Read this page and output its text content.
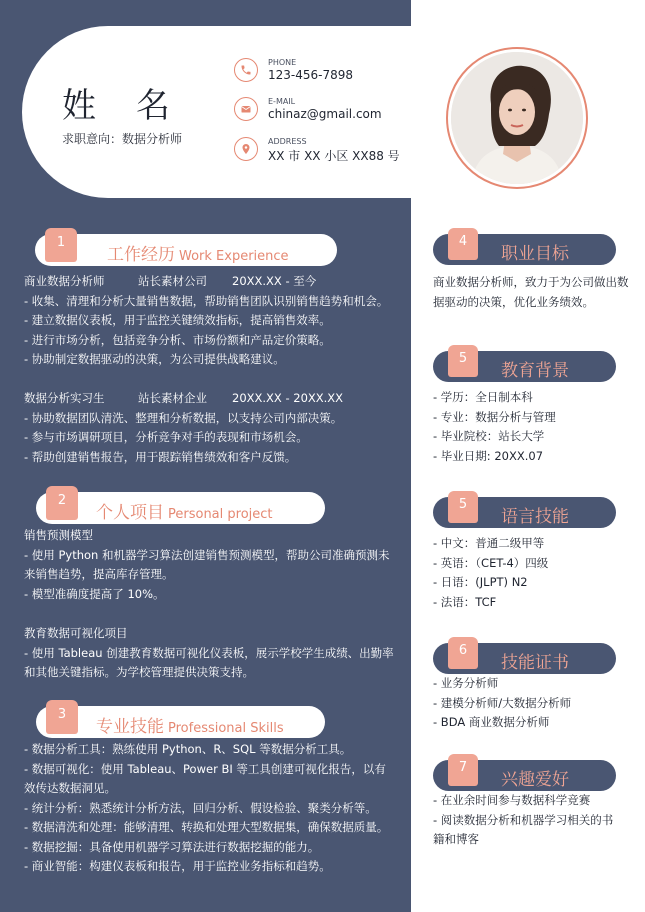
姓名
求职意向：数据分析师
PHONE
123-456-7898
E-MAIL
chinaz@gmail.com
ADDRESS
XX 市 XX 小区 XX88 号
1
工作经历 Work Experience
商业数据分析师	站长素材公司	20XX.XX - 至今
- 收集、清理和分析大量销售数据，帮助销售团队识别销售趋势和机会。
- 建立数据仪表板，用于监控关键绩效指标，提高销售效率。
- 进行市场分析，包括竞争分析、市场份额和产品定价策略。
- 协助制定数据驱动的决策，为公司提供战略建议。
数据分析实习生	站长素材企业	20XX.XX - 20XX.XX
- 协助数据团队清洗、整理和分析数据，以支持公司内部决策。
- 参与市场调研项目，分析竞争对手的表现和市场机会。
- 帮助创建销售报告，用于跟踪销售绩效和客户反馈。
2
个人项目 Personal project
销售预测模型
- 使用 Python 和机器学习算法创建销售预测模型，帮助公司准确预测未来销售趋势，提高库存管理。
- 模型准确度提高了 10%。
教育数据可视化项目
- 使用 Tableau 创建教育数据可视化仪表板，展示学校学生成绩、出勤率和其他关键指标。为学校管理提供决策支持。
3
专业技能 Professional Skills
- 数据分析工具：熟练使用 Python、R、SQL 等数据分析工具。
- 数据可视化：使用 Tableau、Power BI 等工具创建可视化报告，以有效传达数据洞见。
- 统计分析：熟悉统计分析方法，回归分析、假设检验、聚类分析等。
- 数据清洗和处理：能够清理、转换和处理大型数据集，确保数据质量。
- 数据挖掘：具备使用机器学习算法进行数据挖掘的能力。
- 商业智能：构建仪表板和报告，用于监控业务指标和趋势。
4
职业目标
商业数据分析师，致力于为公司做出数据驱动的决策，优化业务绩效。
5
教育背景
- 学历：全日制本科
- 专业：数据分析与管理
- 毕业院校：站长大学
- 毕业日期: 20XX.07
5
语言技能
- 中文：普通二级甲等
- 英语：（CET-4）四级
- 日语：(JLPT) N2
- 法语：TCF
6
技能证书
- 业务分析师
- 建模分析师/大数据分析师
- BDA 商业数据分析师
7
兴趣爱好
- 在业余时间参与数据科学竞赛
- 阅读数据分析和机器学习相关的书籍和博客
